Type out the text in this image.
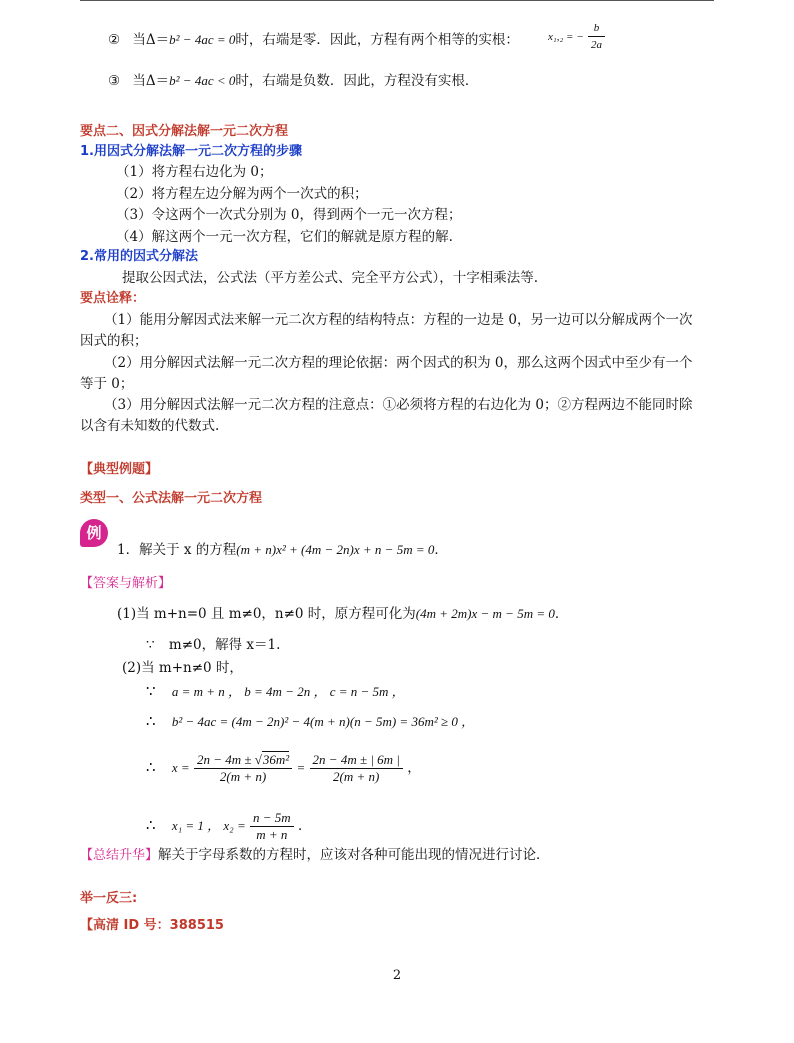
② 当Δ＝b² − 4ac = 0时，右端是零．因此，方程有两个相等的实根：	x₁,₂ = − $\frac{b}{2a}$
③ 当Δ＝b² − 4ac < 0时，右端是负数．因此，方程没有实根．
要点二、因式分解法解一元二次方程
1.用因式分解法解一元二次方程的步骤
（1）将方程右边化为 0；
（2）将方程左边分解为两个一次式的积；
（3）令这两个一次式分别为 0，得到两个一元一次方程；
（4）解这两个一元一次方程，它们的解就是原方程的解.
2.常用的因式分解法
提取公因式法，公式法（平方差公式、完全平方公式），十字相乘法等.
要点诠释：
（1）能用分解因式法来解一元二次方程的结构特点：方程的一边是 0，另一边可以分解成两个一次
因式的积；
（2）用分解因式法解一元二次方程的理论依据：两个因式的积为 0，那么这两个因式中至少有一个
等于 0；
（3）用分解因式法解一元二次方程的注意点：①必须将方程的右边化为 0；②方程两边不能同时除
以含有未知数的代数式.
【典型例题】
类型一、公式法解一元二次方程
例
1．解关于 x 的方程(m + n)x² + (4m − 2n)x + n − 5m = 0．
【答案与解析】
(1)当 m+n=0 且 m≠0，n≠0 时，原方程可化为(4m + 2m)x − m − 5m = 0．
∵ m≠0，解得 x＝1.
(2)当 m+n≠0 时，
∵ a = m + n ， b = 4m − 2n ， c = n − 5m ，
∴ b² − 4ac = (4m − 2n)² − 4(m + n)(n − 5m) = 36m² ≥ 0 ，
∴ $x = \frac{\text{2n − 4m ± √36m²}}{2(m + n)} = \frac{2n - 4m \pm | 6m |}{2(m + n)}$ ，
∴ x₁ = 1 ， $x_2 = \frac{n - 5m}{m + n}$ ．
【总结升华】解关于字母系数的方程时，应该对各种可能出现的情况进行讨论．
举一反三:
【高清 ID 号：388515
2
